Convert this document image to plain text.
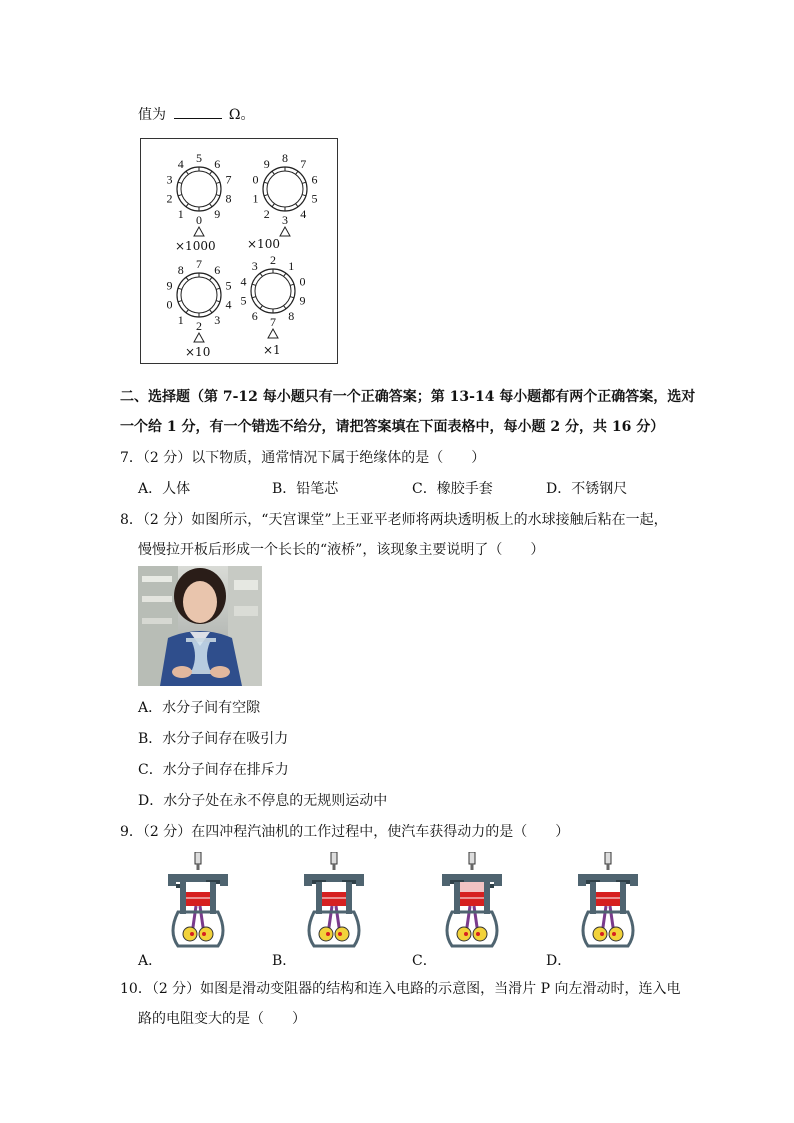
值为	Ω。
0
1
2
3
4 5 6
7
8
9
×1000
3
2
1
0
9 8 7
6
5
4
×100
2
1
0
9
8 7 6
5
4
3
×10
7
6
5
4
3 2 1
0
9
8
×1
二、选择题（第 7-12 每小题只有一个正确答案；第 13-14 每小题都有两个正确答案，选对
一个给 1 分，有一个错选不给分，请把答案填在下面表格中，每小题 2 分，共 16 分）
7．（2 分）以下物质，通常情况下属于绝缘体的是（　　）
A．人体	B．铅笔芯	C．橡胶手套	D．不锈钢尺
8．（2 分）如图所示，“天宫课堂”上王亚平老师将两块透明板上的水球接触后粘在一起，
慢慢拉开板后形成一个长长的“液桥”，该现象主要说明了（　　）
A．水分子间有空隙
B．水分子间存在吸引力
C．水分子间存在排斥力
D．水分子处在永不停息的无规则运动中
9．（2 分）在四冲程汽油机的工作过程中，使汽车获得动力的是（　　）
A．	B．	C．	D．
10．（2 分）如图是滑动变阻器的结构和连入电路的示意图，当滑片 P 向左滑动时，连入电
路的电阻变大的是（　　）
